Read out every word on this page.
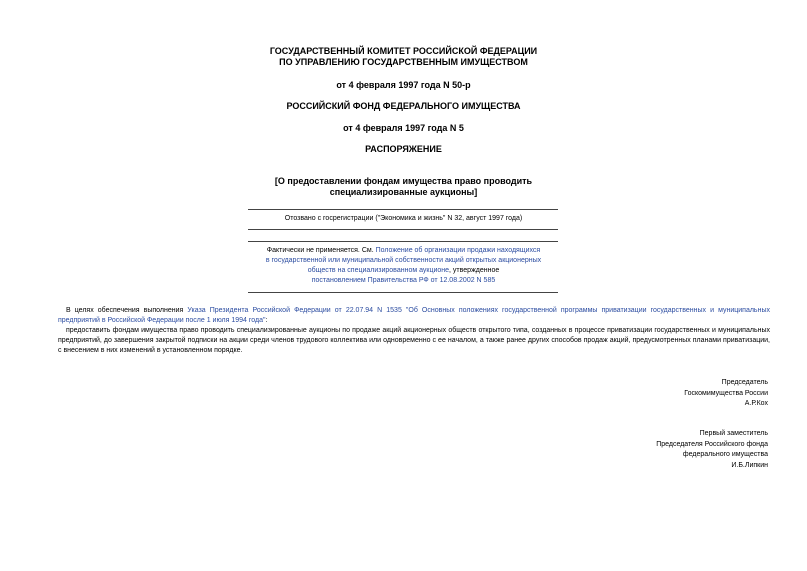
ГОСУДАРСТВЕННЫЙ КОМИТЕТ РОССИЙСКОЙ ФЕДЕРАЦИИ
ПО УПРАВЛЕНИЮ ГОСУДАРСТВЕННЫМ ИМУЩЕСТВОМ
от 4 февраля 1997 года N 50-р
РОССИЙСКИЙ ФОНД ФЕДЕРАЛЬНОГО ИМУЩЕСТВА
от 4 февраля 1997 года N 5
РАСПОРЯЖЕНИЕ
[О предоставлении фондам имущества право проводить
специализированные аукционы]
Отозвано с госрегистрации ("Экономика и жизнь" N 32, август 1997 года)
Фактически не применяется. См. Положение об организации продажи находящихся
в государственной или муниципальной собственности акций открытых акционерных
обществ на специализированном аукционе, утвержденное
постановлением Правительства РФ от 12.08.2002 N 585
В целях обеспечения выполнения Указа Президента Российской Федерации от 22.07.94 N 1535 "Об Основных положениях государственной программы приватизации государственных и муниципальных предприятий в Российской Федерации после 1 июля 1994 года":
предоставить фондам имущества право проводить специализированные аукционы по продаже акций акционерных обществ открытого типа, созданных в процессе приватизации государственных и муниципальных предприятий, до завершения закрытой подписки на акции среди членов трудового коллектива или одновременно с ее началом, а также ранее других способов продаж акций, предусмотренных планами приватизации, с внесением в них изменений в установленном порядке.
Председатель
Госкомимущества России
А.Р.Кох
Первый заместитель
Председателя Российского фонда
федерального имущества
И.Б.Липкин
